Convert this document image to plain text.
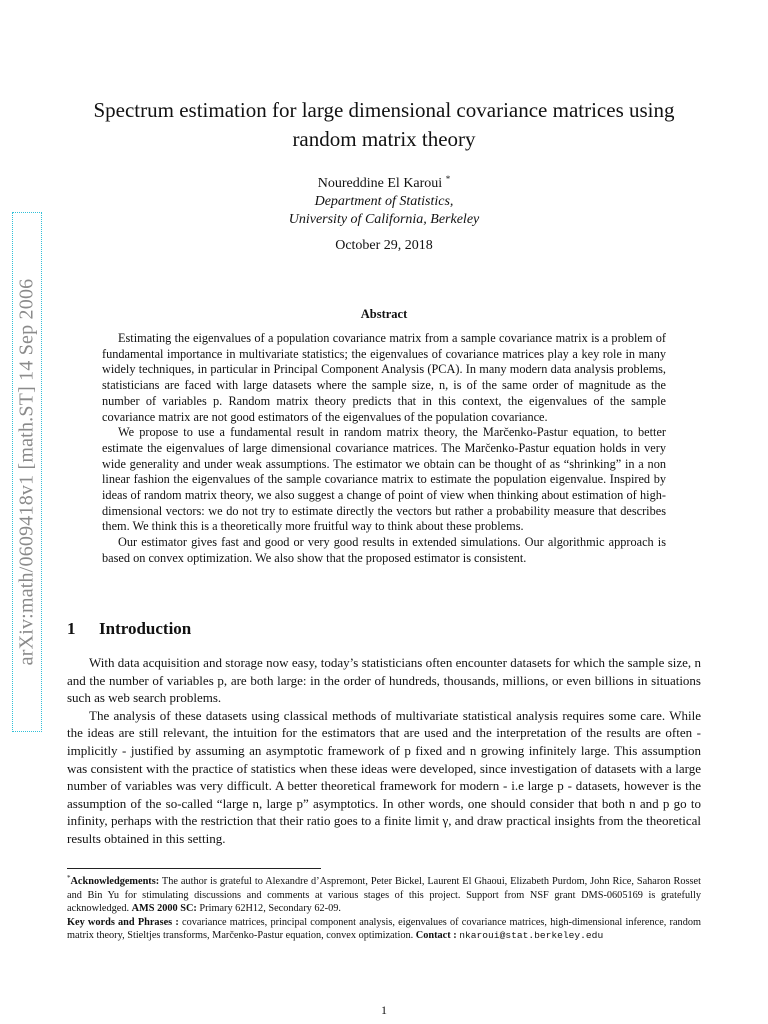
arXiv:math/0609418v1 [math.ST] 14 Sep 2006
Spectrum estimation for large dimensional covariance matrices using random matrix theory
Noureddine El Karoui *
Department of Statistics,
University of California, Berkeley
October 29, 2018
Abstract

Estimating the eigenvalues of a population covariance matrix from a sample covariance matrix is a problem of fundamental importance in multivariate statistics; the eigenvalues of covariance matrices play a key role in many widely techniques, in particular in Principal Component Analysis (PCA). In many modern data analysis problems, statisticians are faced with large datasets where the sample size, n, is of the same order of magnitude as the number of variables p. Random matrix theory predicts that in this context, the eigenvalues of the sample covariance matrix are not good estimators of the eigenvalues of the population covariance.

We propose to use a fundamental result in random matrix theory, the Marčenko-Pastur equation, to better estimate the eigenvalues of large dimensional covariance matrices. The Marčenko-Pastur equation holds in very wide generality and under weak assumptions. The estimator we obtain can be thought of as “shrinking” in a non linear fashion the eigenvalues of the sample covariance matrix to estimate the population eigenvalue. Inspired by ideas of random matrix theory, we also suggest a change of point of view when thinking about estimation of high-dimensional vectors: we do not try to estimate directly the vectors but rather a probability measure that describes them. We think this is a theoretically more fruitful way to think about these problems.

Our estimator gives fast and good or very good results in extended simulations. Our algorithmic approach is based on convex optimization. We also show that the proposed estimator is consistent.

1 Introduction

With data acquisition and storage now easy, today’s statisticians often encounter datasets for which the sample size, n and the number of variables p, are both large: in the order of hundreds, thousands, millions, or even billions in situations such as web search problems.

The analysis of these datasets using classical methods of multivariate statistical analysis requires some care. While the ideas are still relevant, the intuition for the estimators that are used and the interpretation of the results are often - implicitly - justified by assuming an asymptotic framework of p fixed and n growing infinitely large. This assumption was consistent with the practice of statistics when these ideas were developed, since investigation of datasets with a large number of variables was very difficult. A better theoretical framework for modern - i.e large p - datasets, however is the assumption of the so-called “large n, large p” asymptotics. In other words, one should consider that both n and p go to infinity, perhaps with the restriction that their ratio goes to a finite limit γ, and draw practical insights from the theoretical results obtained in this setting.

*Acknowledgements: The author is grateful to Alexandre d’Aspremont, Peter Bickel, Laurent El Ghaoui, Elizabeth Purdom, John Rice, Saharon Rosset and Bin Yu for stimulating discussions and comments at various stages of this project. Support from NSF grant DMS-0605169 is gratefully acknowledged. AMS 2000 SC: Primary 62H12, Secondary 62-09.
Key words and Phrases : covariance matrices, principal component analysis, eigenvalues of covariance matrices, high-dimensional inference, random matrix theory, Stieltjes transforms, Marčenko-Pastur equation, convex optimization. Contact : nkaroui@stat.berkeley.edu
1
